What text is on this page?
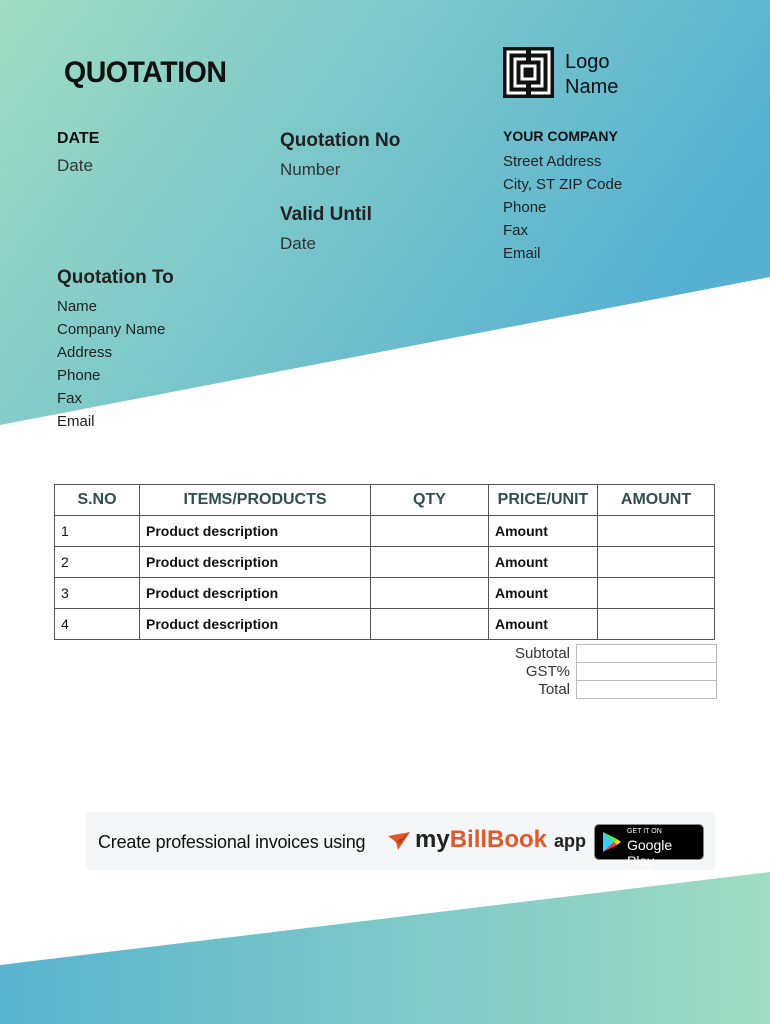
QUOTATION	Logo
Name
DATE
Date
Quotation No
Number
Valid Until
Date
YOUR COMPANY
Street Address
City, ST ZIP Code
Phone
Fax
Email
Quotation To
Name
Company Name
Address
Phone
Fax
Email
S.NO	ITEMS/PRODUCTS	QTY	PRICE/UNIT	AMOUNT
1	Product description		Amount	
2	Product description		Amount	
3	Product description		Amount	
4	Product description		Amount	
Subtotal
GST%
Total
Create professional invoices using myBillBook app	GET IT ON
Google Play
